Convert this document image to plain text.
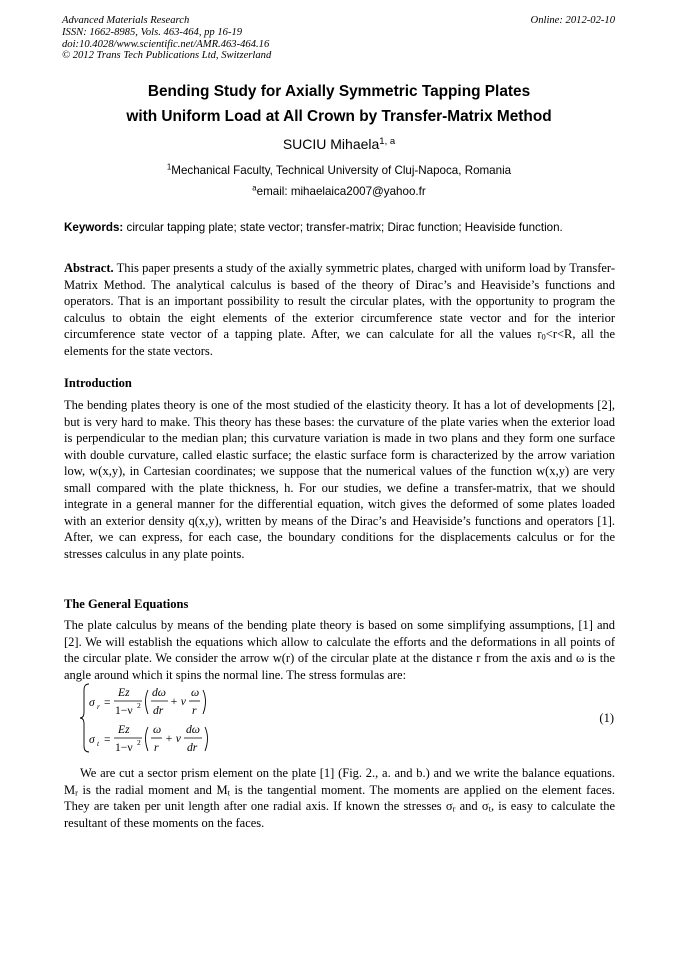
Advanced Materials Research
ISSN: 1662-8985, Vols. 463-464, pp 16-19
doi:10.4028/www.scientific.net/AMR.463-464.16
© 2012 Trans Tech Publications Ltd, Switzerland
Online: 2012-02-10
Bending Study for Axially Symmetric Tapping Plates
with Uniform Load at All Crown by Transfer-Matrix Method
SUCIU Mihaela$^{1, a}$
$^1$Mechanical Faculty, Technical University of Cluj-Napoca, Romania
$^a$email: mihaelaica2007@yahoo.fr
Keywords: circular tapping plate; state vector; transfer-matrix; Dirac function; Heaviside function.
Abstract. This paper presents a study of the axially symmetric plates, charged with uniform load by Transfer-Matrix Method. The analytical calculus is based of the theory of Dirac’s and Heaviside’s functions and operators. That is an important possibility to result the circular plates, with the opportunity to program the calculus to obtain the eight elements of the exterior circumference state vector and for the interior circumference state vector of a tapping plate. After, we can calculate for all the values $r_0<r<R$, all the elements for the state vectors.
Introduction
The bending plates theory is one of the most studied of the elasticity theory. It has a lot of developments [2], but is very hard to make. This theory has these bases: the curvature of the plate varies when the exterior load is perpendicular to the median plan; this curvature variation is made in two plans and they form one surface with double curvature, called elastic surface; the elastic surface form is characterized by the arrow variation low, w(x,y), in Cartesian coordinates; we suppose that the numerical values of the function w(x,y) are very small compared with the plate thickness, h. For our studies, we define a transfer-matrix, that we should integrate in a general manner for the differential equation, witch gives the deformed of some plates loaded with an exterior density q(x,y), written by means of the Dirac’s and Heaviside’s functions and operators [1]. After, we can express, for each case, the boundary conditions for the displacements calculus or for the stresses calculus in any plate points.
The General Equations
The plate calculus by means of the bending plate theory is based on some simplifying assumptions, [1] and [2]. We will establish the equations which allow to calculate the efforts and the deformations in all points of the circular plate. We consider the arrow w(r) of the circular plate at the distance r from the axis and ω is the angle around which it spins the normal line. The stress formulas are:
σ r =
Ez
1−ν 2
dω
dr
+ ν
ω
r
σ t =
Ez
1−ν 2
ω
r
+ ν
dω
dr
(1)
We are cut a sector prism element on the plate [1] (Fig. 2., a. and b.) and we write the balance equations. $M_r$ is the radial moment and $M_t$ is the tangential moment. The moments are applied on the element faces. They are taken per unit length after one radial axis. If known the stresses $\sigma_r$ and $\sigma_t$, is easy to calculate the resultant of these moments on the faces.
